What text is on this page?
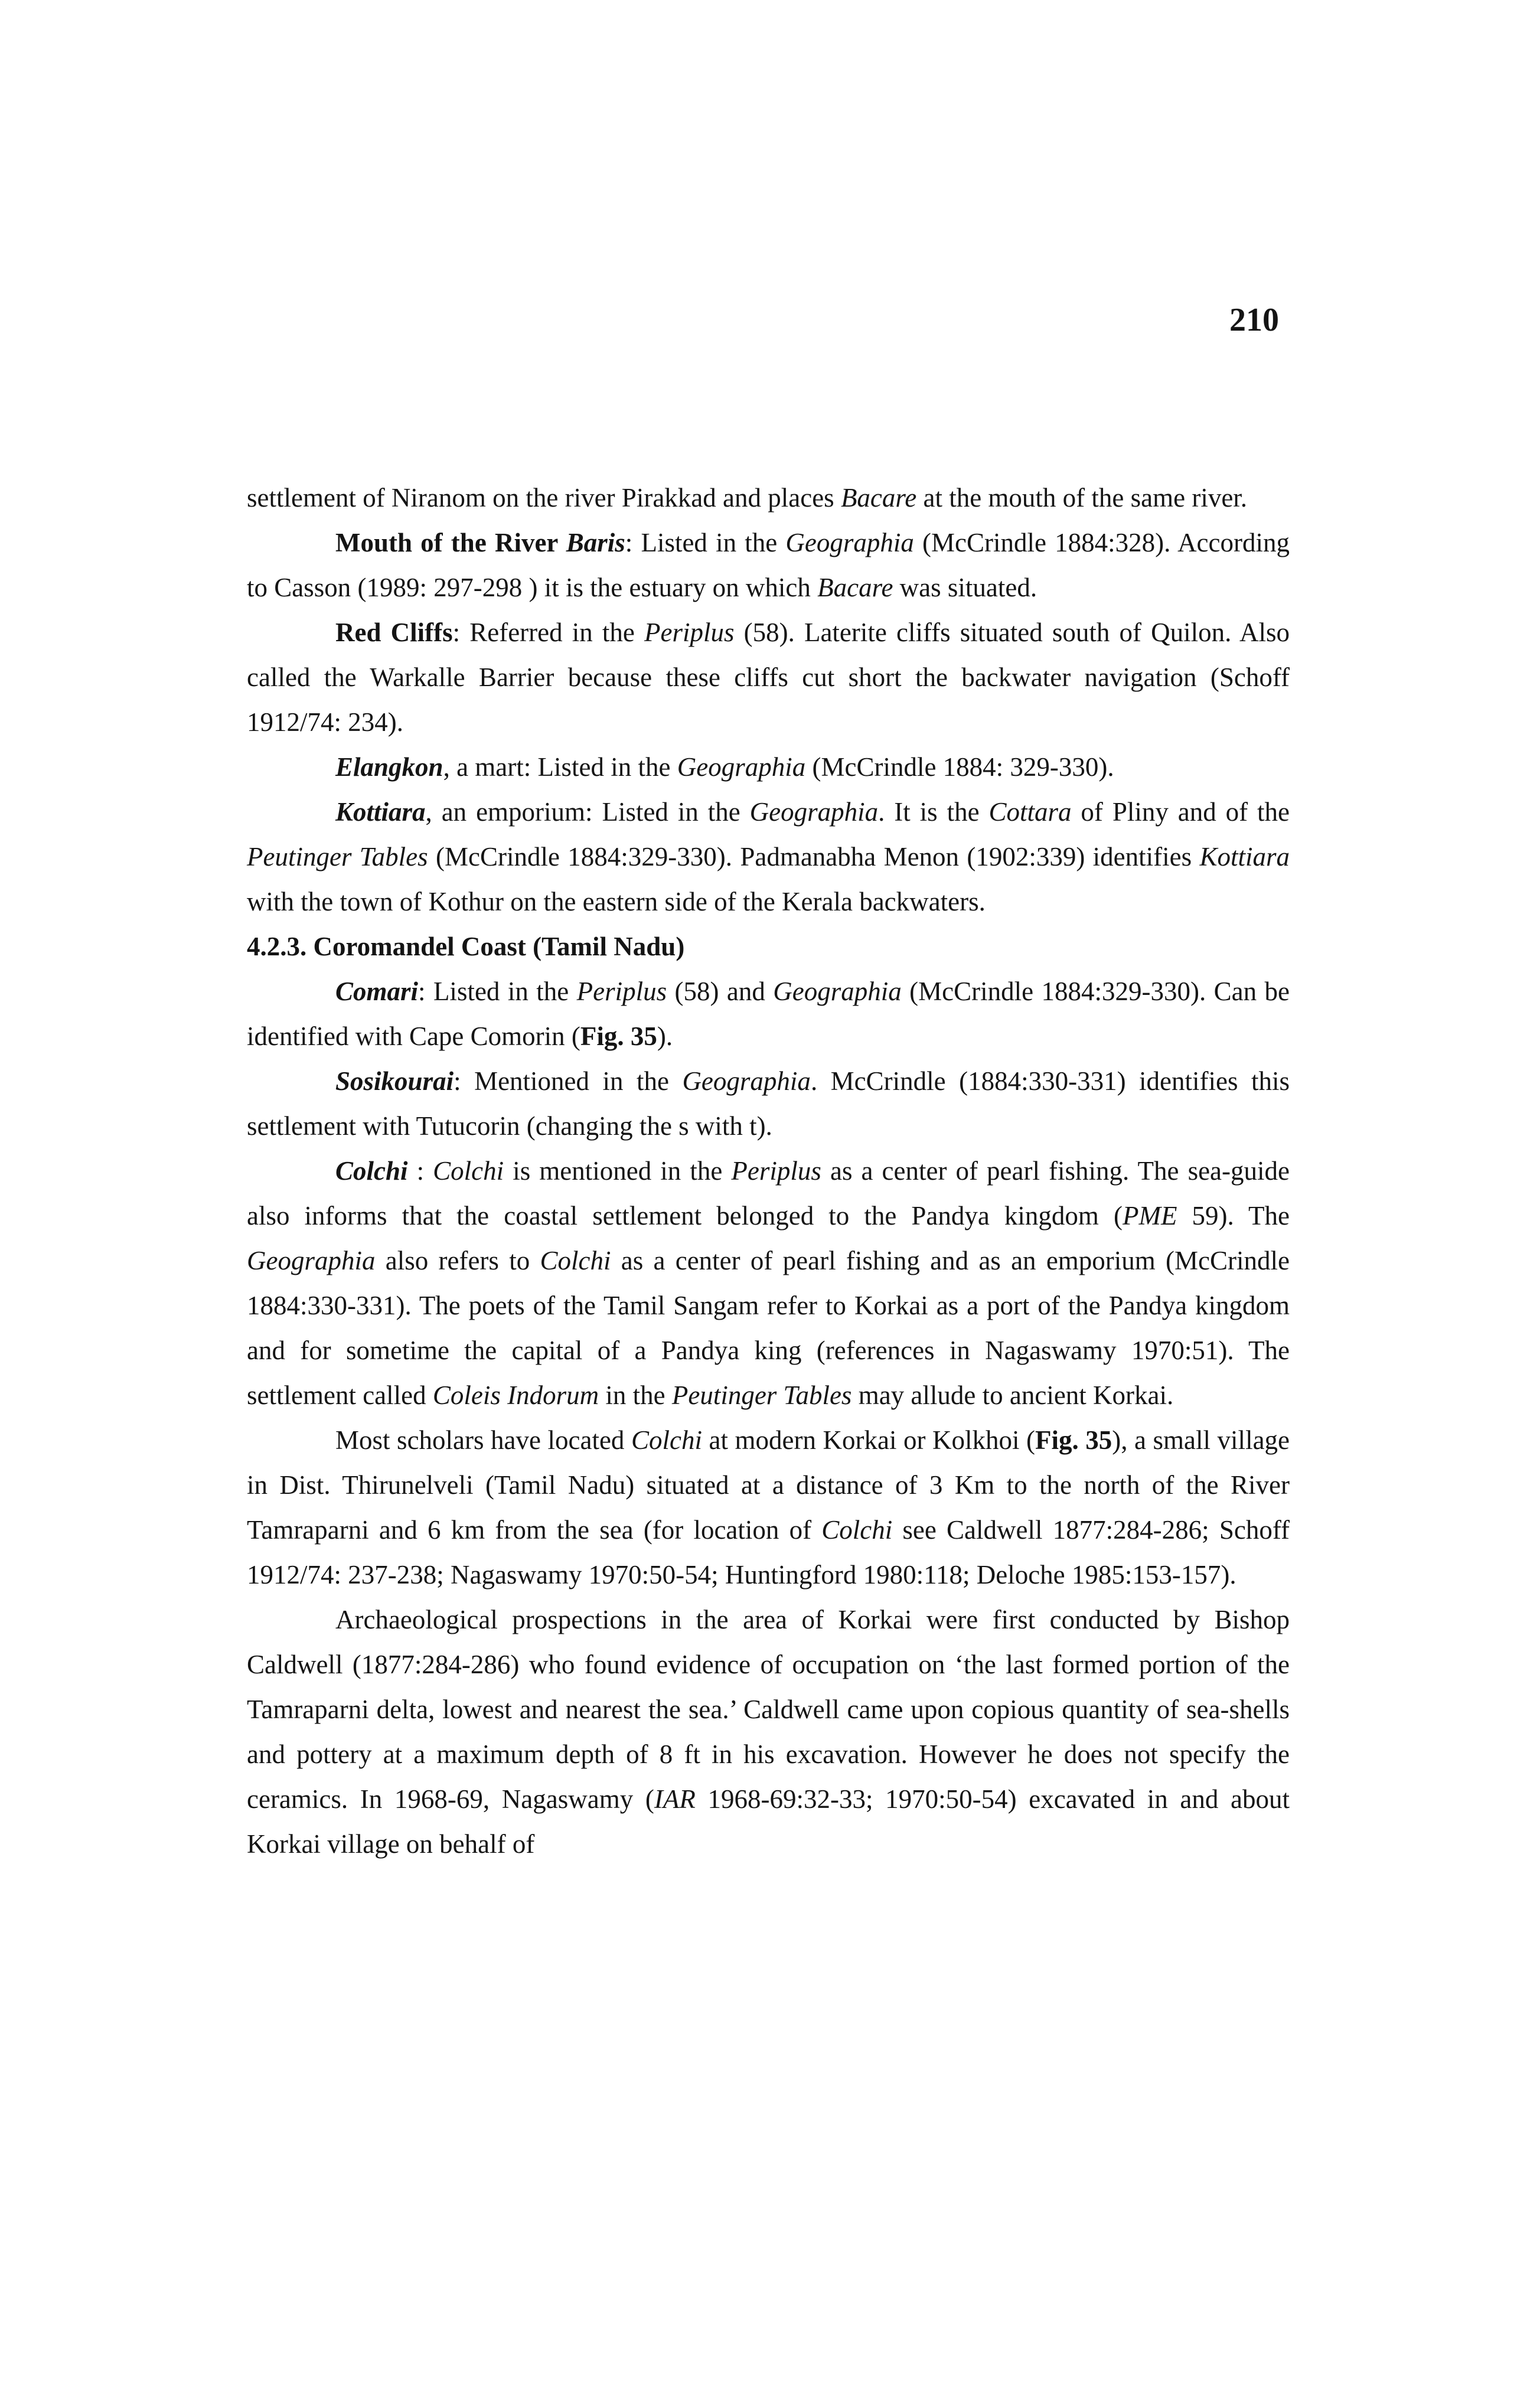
210

settlement of Niranom on the river Pirakkad and places Bacare at the mouth of the same river.

Mouth of the River Baris: Listed in the Geographia (McCrindle 1884:328). According to Casson (1989: 297-298 ) it is the estuary on which Bacare was situated.

Red Cliffs: Referred in the Periplus (58). Laterite cliffs situated south of Quilon. Also called the Warkalle Barrier because these cliffs cut short the backwater navigation (Schoff 1912/74: 234).

Elangkon, a mart: Listed in the Geographia (McCrindle 1884: 329-330).

Kottiara, an emporium: Listed in the Geographia. It is the Cottara of Pliny and of the Peutinger Tables (McCrindle 1884:329-330). Padmanabha Menon (1902:339) identifies Kottiara with the town of Kothur on the eastern side of the Kerala backwaters.

4.2.3. Coromandel Coast (Tamil Nadu)

Comari: Listed in the Periplus (58) and Geographia (McCrindle 1884:329-330). Can be identified with Cape Comorin (Fig. 35).

Sosikourai: Mentioned in the Geographia. McCrindle (1884:330-331) identifies this settlement with Tutucorin (changing the s with t).

Colchi : Colchi is mentioned in the Periplus as a center of pearl fishing. The sea-guide also informs that the coastal settlement belonged to the Pandya kingdom (PME 59). The Geographia also refers to Colchi as a center of pearl fishing and as an emporium (McCrindle 1884:330-331). The poets of the Tamil Sangam refer to Korkai as a port of the Pandya kingdom and for sometime the capital of a Pandya king (references in Nagaswamy 1970:51). The settlement called Coleis Indorum in the Peutinger Tables may allude to ancient Korkai.

Most scholars have located Colchi at modern Korkai or Kolkhoi (Fig. 35), a small village in Dist. Thirunelveli (Tamil Nadu) situated at a distance of 3 Km to the north of the River Tamraparni and 6 km from the sea (for location of Colchi see Caldwell 1877:284-286; Schoff 1912/74: 237-238; Nagaswamy 1970:50-54; Huntingford 1980:118; Deloche 1985:153-157).

Archaeological prospections in the area of Korkai were first conducted by Bishop Caldwell (1877:284-286) who found evidence of occupation on ‘the last formed portion of the Tamraparni delta, lowest and nearest the sea.’ Caldwell came upon copious quantity of sea-shells and pottery at a maximum depth of 8 ft in his excavation. However he does not specify the ceramics. In 1968-69, Nagaswamy (IAR 1968-69:32-33; 1970:50-54) excavated in and about Korkai village on behalf of
